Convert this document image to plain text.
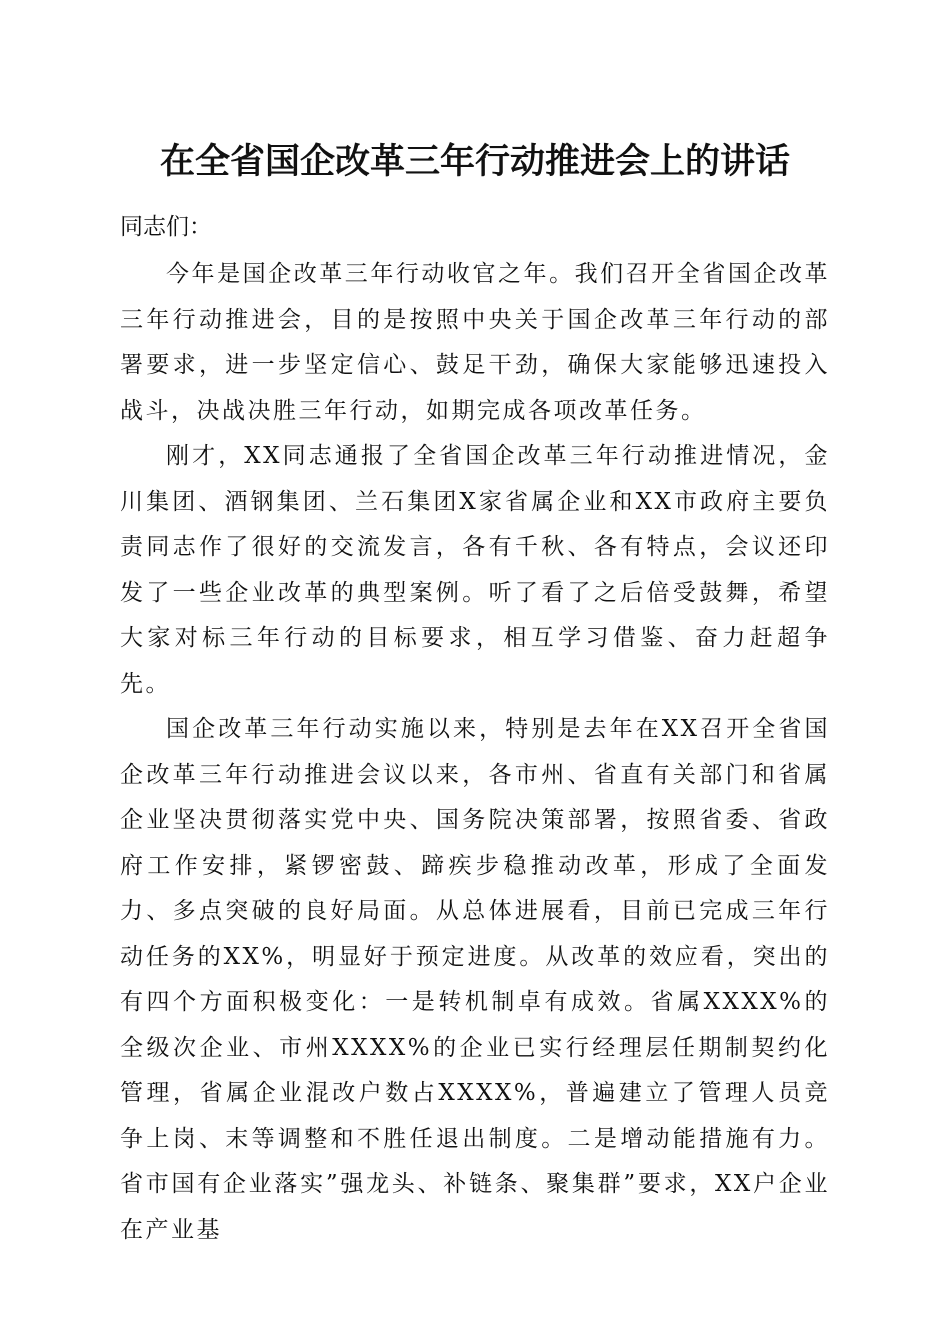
在全省国企改革三年行动推进会上的讲话
同志们：

今年是国企改革三年行动收官之年。我们召开全省国企改革三年行动推进会，目的是按照中央关于国企改革三年行动的部署要求，进一步坚定信心、鼓足干劲，确保大家能够迅速投入战斗，决战决胜三年行动，如期完成各项改革任务。

刚才，XX同志通报了全省国企改革三年行动推进情况，金川集团、酒钢集团、兰石集团X家省属企业和XX市政府主要负责同志作了很好的交流发言，各有千秋、各有特点，会议还印发了一些企业改革的典型案例。听了看了之后倍受鼓舞，希望大家对标三年行动的目标要求，相互学习借鉴、奋力赶超争先。

国企改革三年行动实施以来，特别是去年在XX召开全省国企改革三年行动推进会议以来，各市州、省直有关部门和省属企业坚决贯彻落实党中央、国务院决策部署，按照省委、省政府工作安排，紧锣密鼓、蹄疾步稳推动改革，形成了全面发力、多点突破的良好局面。从总体进展看，目前已完成三年行动任务的XX%，明显好于预定进度。从改革的效应看，突出的有四个方面积极变化：一是转机制卓有成效。省属XXXX%的全级次企业、市州XXXX%的企业已实行经理层任期制契约化管理，省属企业混改户数占XXXX%，普遍建立了管理人员竞争上岗、末等调整和不胜任退出制度。二是增动能措施有力。省市国有企业落实”强龙头、补链条、聚集群”要求，XX户企业在产业基
